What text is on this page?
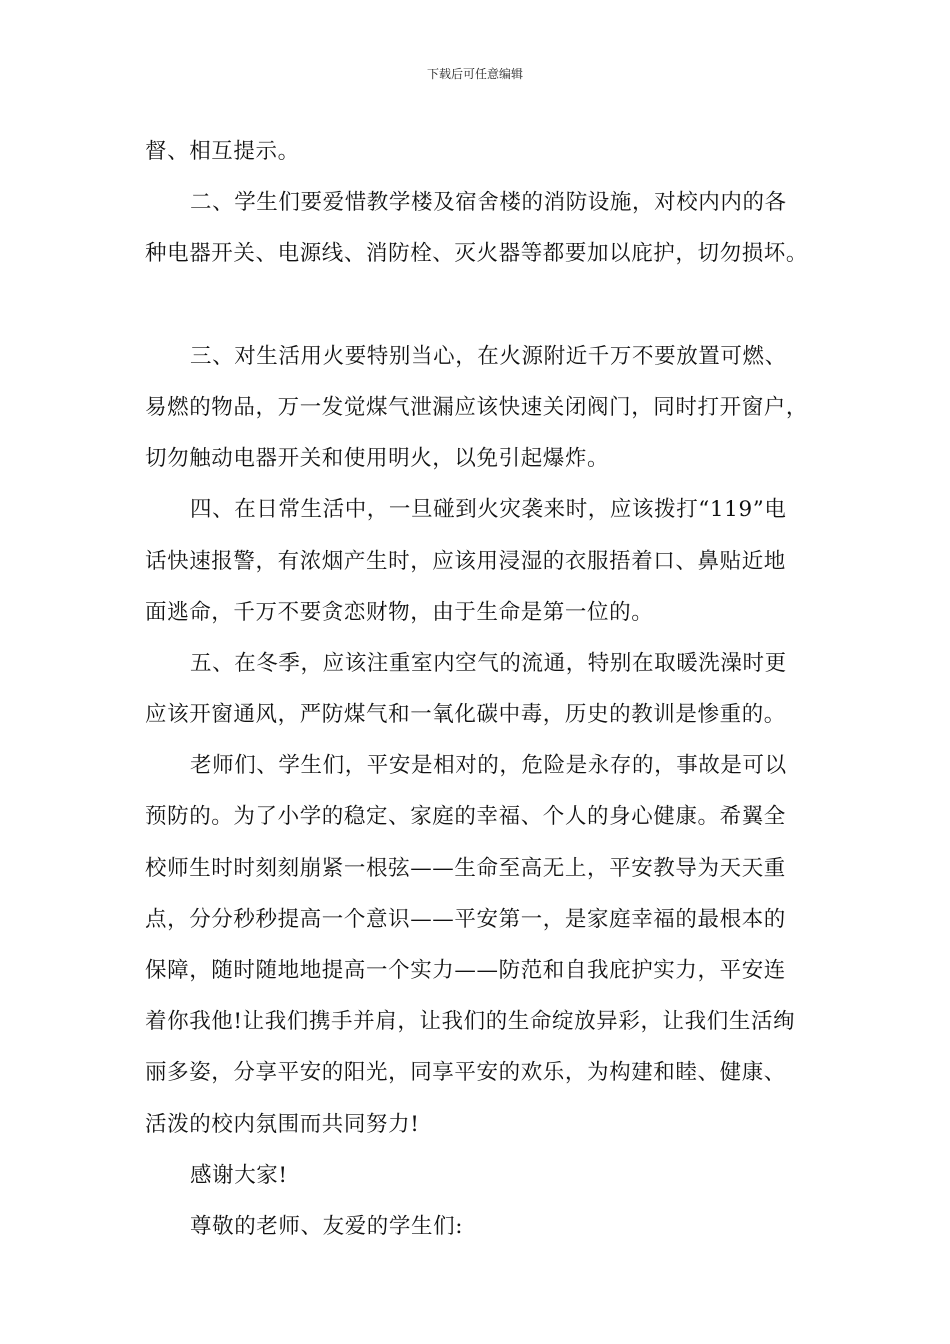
下载后可任意编辑
督、相互提示。
二、学生们要爱惜教学楼及宿舍楼的消防设施，对校内内的各
种电器开关、电源线、消防栓、灭火器等都要加以庇护，切勿损坏。
三、对生活用火要特别当心，在火源附近千万不要放置可燃、
易燃的物品，万一发觉煤气泄漏应该快速关闭阀门，同时打开窗户，
切勿触动电器开关和使用明火，以免引起爆炸。
四、在日常生活中，一旦碰到火灾袭来时，应该拨打“119”电
话快速报警，有浓烟产生时，应该用浸湿的衣服捂着口、鼻贴近地
面逃命，千万不要贪恋财物，由于生命是第一位的。
五、在冬季，应该注重室内空气的流通，特别在取暖洗澡时更
应该开窗通风，严防煤气和一氧化碳中毒，历史的教训是惨重的。
老师们、学生们，平安是相对的，危险是永存的，事故是可以
预防的。为了小学的稳定、家庭的幸福、个人的身心健康。希翼全
校师生时时刻刻崩紧一根弦——生命至高无上，平安教导为天天重
点，分分秒秒提高一个意识——平安第一，是家庭幸福的最根本的
保障，随时随地地提高一个实力——防范和自我庇护实力，平安连
着你我他!让我们携手并肩，让我们的生命绽放异彩，让我们生活绚
丽多姿，分享平安的阳光，同享平安的欢乐，为构建和睦、健康、
活泼的校内氛围而共同努力!
感谢大家!
尊敬的老师、友爱的学生们:
